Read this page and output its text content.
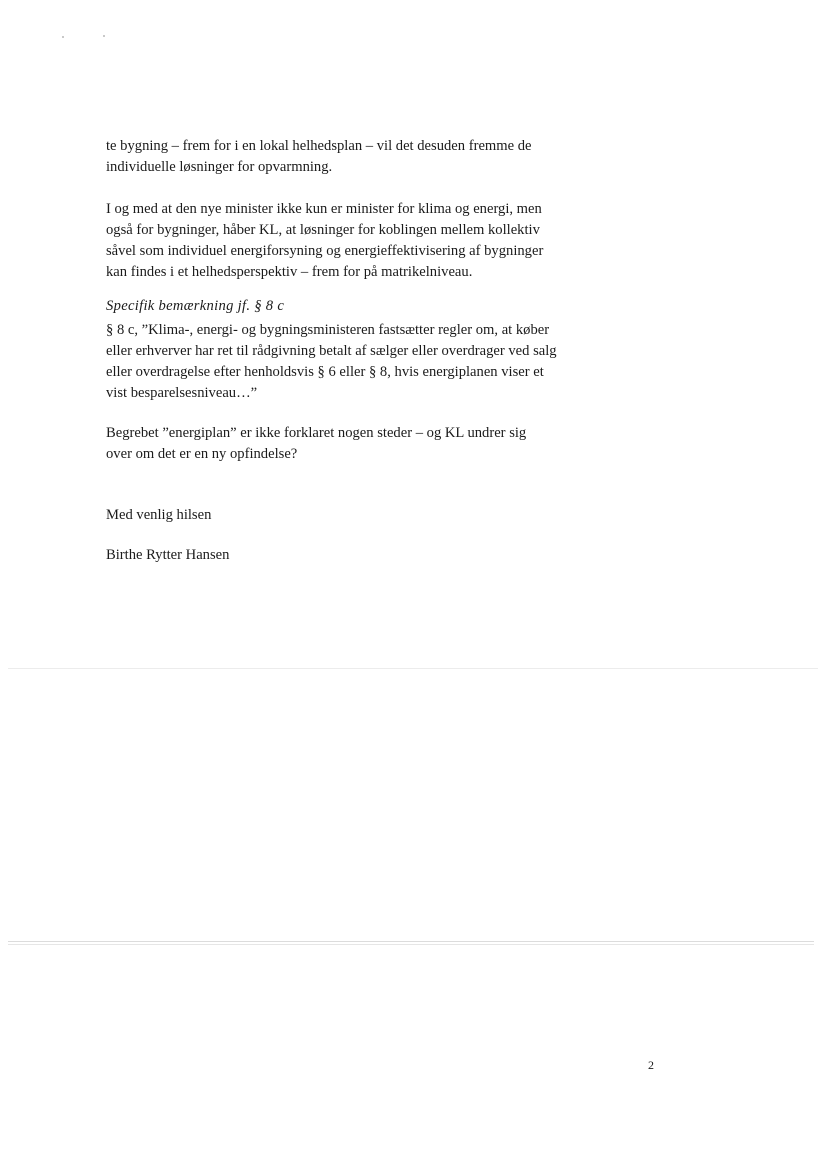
te bygning – frem for i en lokal helhedsplan – vil det desuden fremme de
individuelle løsninger for opvarmning.

I og med at den nye minister ikke kun er minister for klima og energi, men
også for bygninger, håber KL, at løsninger for koblingen mellem kollektiv
såvel som individuel energiforsyning og energieffektivisering af bygninger
kan findes i et helhedsperspektiv – frem for på matrikelniveau.

Specifik bemærkning jf. § 8 c

§ 8 c, ”Klima-, energi- og bygningsministeren fastsætter regler om, at køber
eller erhverver har ret til rådgivning betalt af sælger eller overdrager ved salg
eller overdragelse efter henholdsvis § 6 eller § 8, hvis energiplanen viser et
vist besparelsesniveau…”

Begrebet ”energiplan” er ikke forklaret nogen steder – og KL undrer sig
over om det er en ny opfindelse?

Med venlig hilsen

Birthe Rytter Hansen

2
